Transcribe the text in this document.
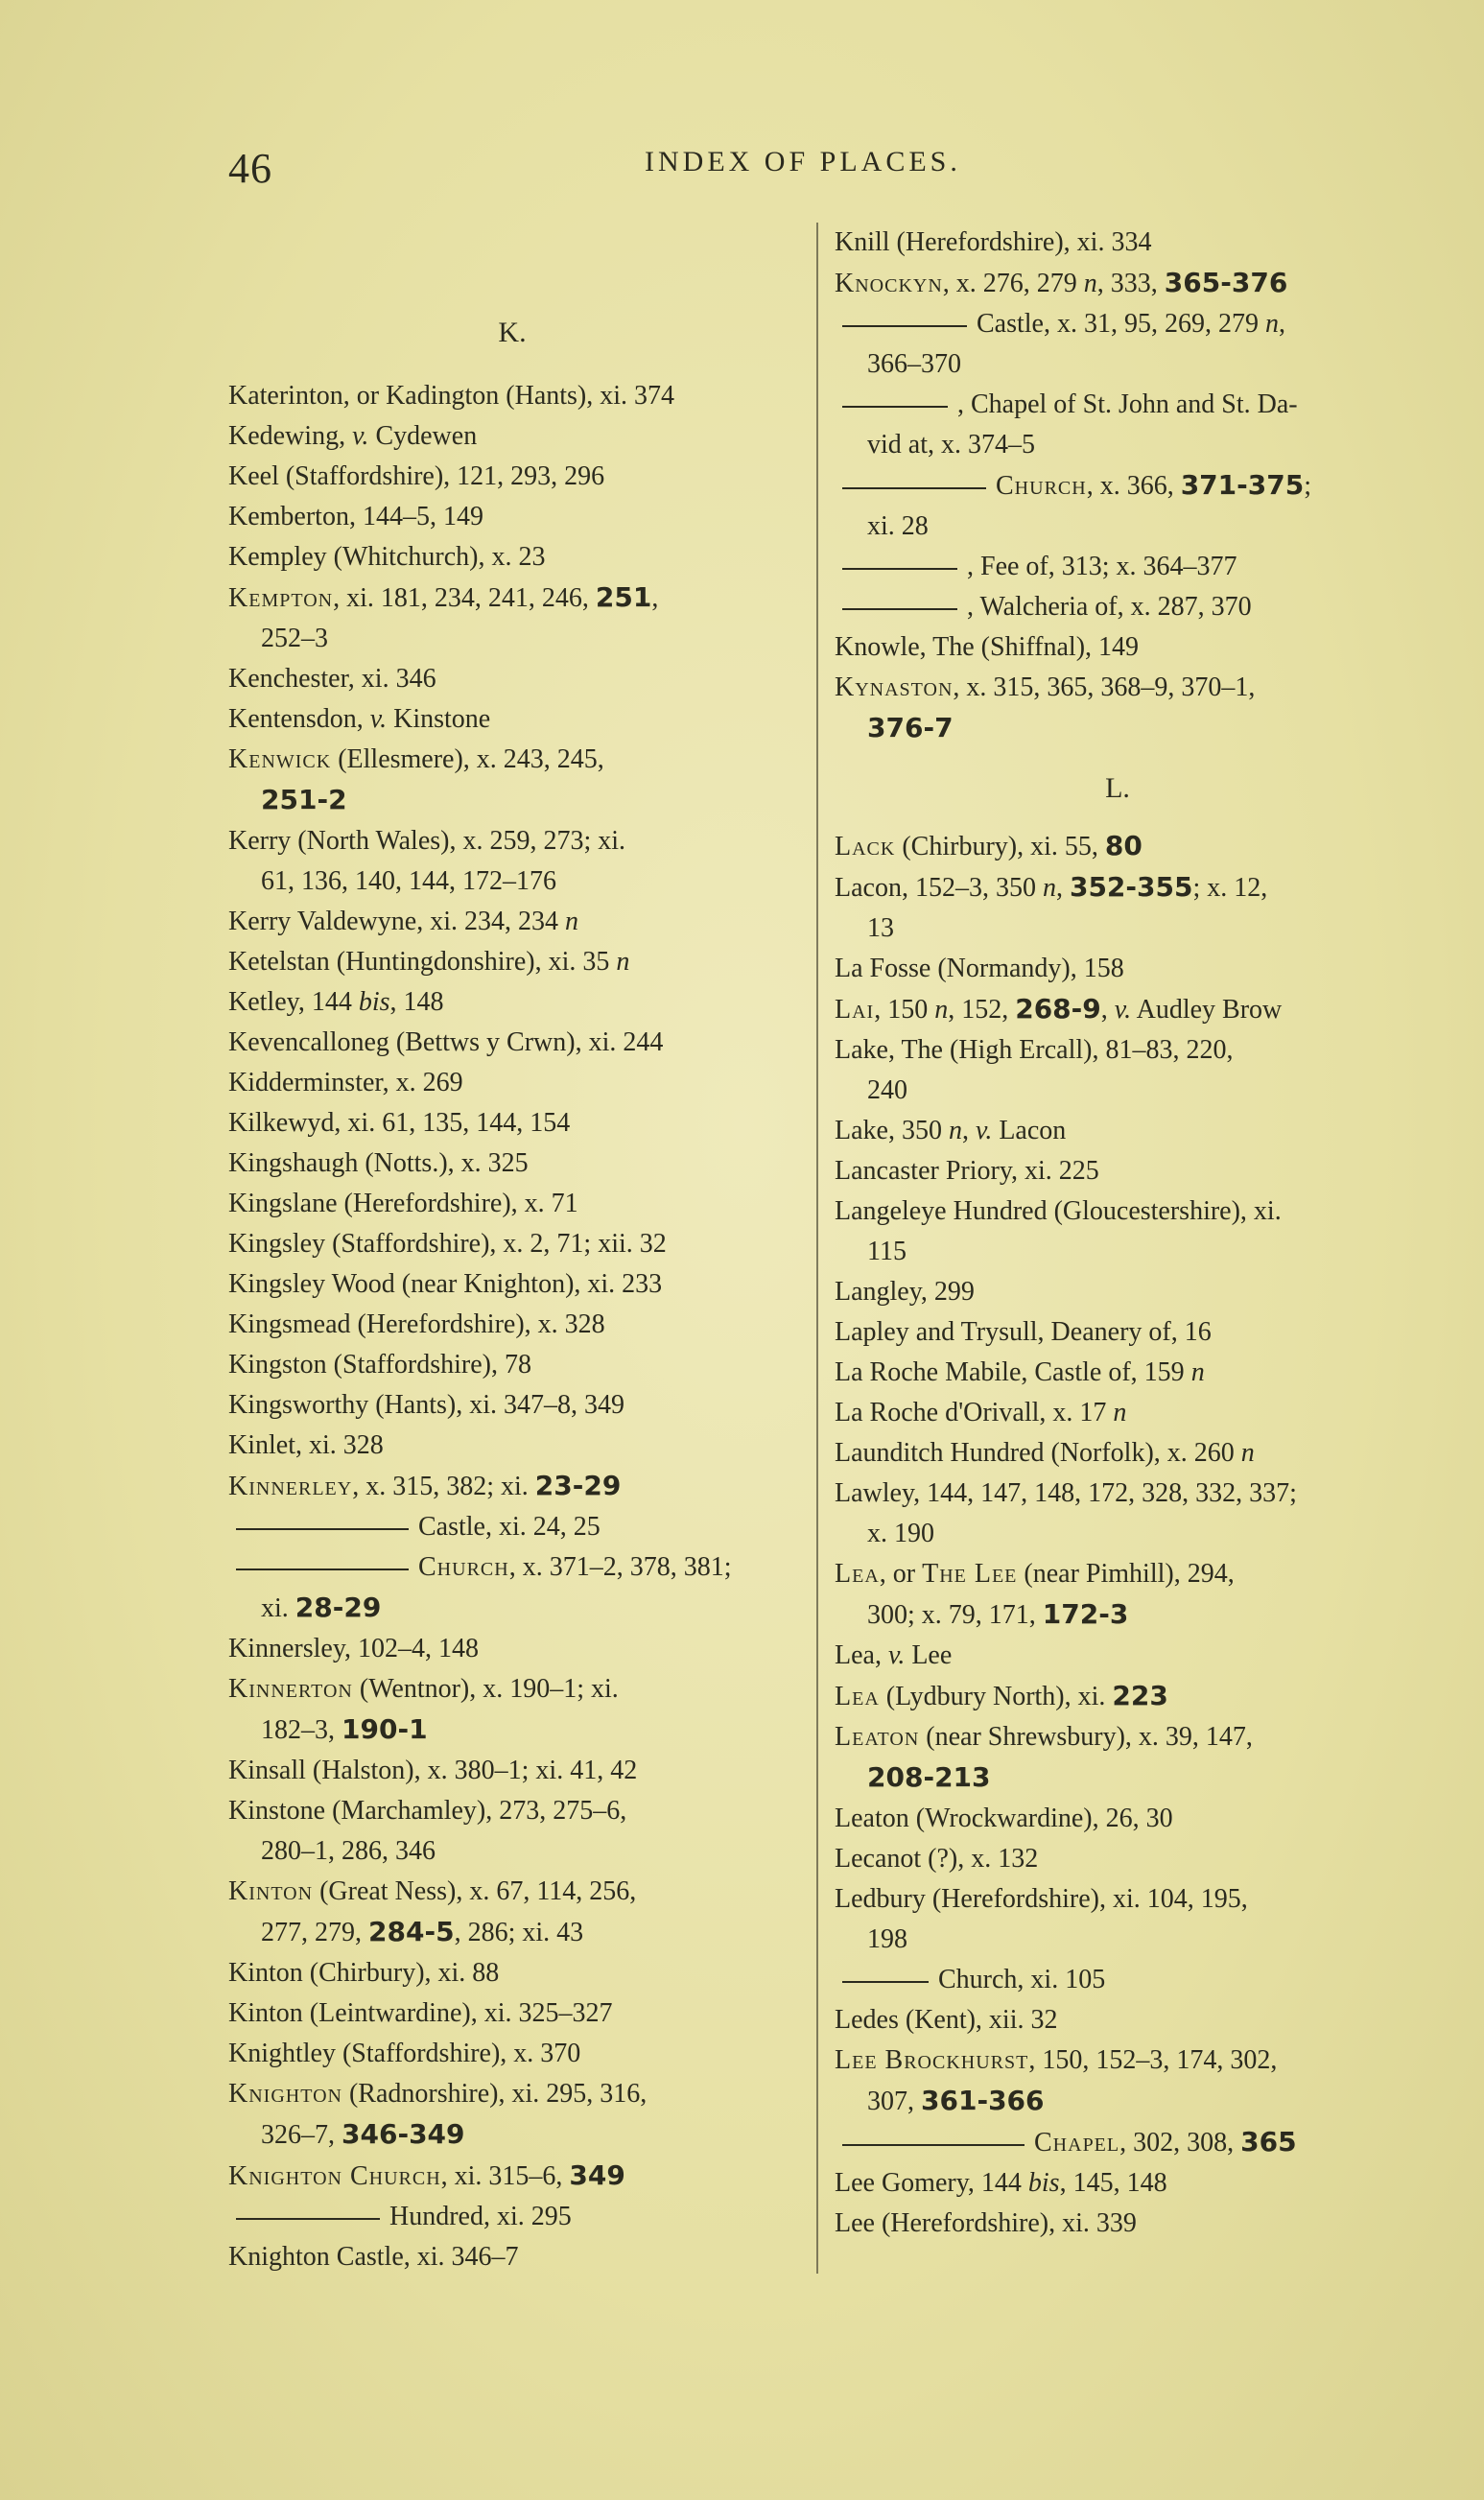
46	INDEX OF PLACES.
K.
Katerinton, or Kadington (Hants), xi. 374
Kedewing, v. Cydewen
Keel (Staffordshire), 121, 293, 296
Kemberton, 144–5, 149
Kempley (Whitchurch), x. 23
Kempton, xi. 181, 234, 241, 246, 251,
252–3
Kenchester, xi. 346
Kentensdon, v. Kinstone
Kenwick (Ellesmere), x. 243, 245,
251-2
Kerry (North Wales), x. 259, 273; xi.
61, 136, 140, 144, 172–176
Kerry Valdewyne, xi. 234, 234 n
Ketelstan (Huntingdonshire), xi. 35 n
Ketley, 144 bis, 148
Kevencalloneg (Bettws y Crwn), xi. 244
Kidderminster, x. 269
Kilkewyd, xi. 61, 135, 144, 154
Kingshaugh (Notts.), x. 325
Kingslane (Herefordshire), x. 71
Kingsley (Staffordshire), x. 2, 71; xii. 32
Kingsley Wood (near Knighton), xi. 233
Kingsmead (Herefordshire), x. 328
Kingston (Staffordshire), 78
Kingsworthy (Hants), xi. 347–8, 349
Kinlet, xi. 328
Kinnerley, x. 315, 382; xi. 23-29
Castle, xi. 24, 25
Church, x. 371–2, 378, 381;
xi. 28-29
Kinnersley, 102–4, 148
Kinnerton (Wentnor), x. 190–1; xi.
182–3, 190-1
Kinsall (Halston), x. 380–1; xi. 41, 42
Kinstone (Marchamley), 273, 275–6,
280–1, 286, 346
Kinton (Great Ness), x. 67, 114, 256,
277, 279, 284-5, 286; xi. 43
Kinton (Chirbury), xi. 88
Kinton (Leintwardine), xi. 325–327
Knightley (Staffordshire), x. 370
Knighton (Radnorshire), xi. 295, 316,
326–7, 346-349
Knighton Church, xi. 315–6, 349
Hundred, xi. 295
Knighton Castle, xi. 346–7
Knill (Herefordshire), xi. 334
Knockyn, x. 276, 279 n, 333, 365-376
Castle, x. 31, 95, 269, 279 n,
366–370
, Chapel of St. John and St. Da-
vid at, x. 374–5
Church, x. 366, 371-375;
xi. 28
, Fee of, 313; x. 364–377
, Walcheria of, x. 287, 370
Knowle, The (Shiffnal), 149
Kynaston, x. 315, 365, 368–9, 370–1,
376-7
L.
Lack (Chirbury), xi. 55, 80
Lacon, 152–3, 350 n, 352-355; x. 12,
13
La Fosse (Normandy), 158
Lai, 150 n, 152, 268-9, v. Audley Brow
Lake, The (High Ercall), 81–83, 220,
240
Lake, 350 n, v. Lacon
Lancaster Priory, xi. 225
Langeleye Hundred (Gloucestershire), xi.
115
Langley, 299
Lapley and Trysull, Deanery of, 16
La Roche Mabile, Castle of, 159 n
La Roche d'Orivall, x. 17 n
Launditch Hundred (Norfolk), x. 260 n
Lawley, 144, 147, 148, 172, 328, 332, 337;
x. 190
Lea, or The Lee (near Pimhill), 294,
300; x. 79, 171, 172-3
Lea, v. Lee
Lea (Lydbury North), xi. 223
Leaton (near Shrewsbury), x. 39, 147,
208-213
Leaton (Wrockwardine), 26, 30
Lecanot (?), x. 132
Ledbury (Herefordshire), xi. 104, 195,
198
Church, xi. 105
Ledes (Kent), xii. 32
Lee Brockhurst, 150, 152–3, 174, 302,
307, 361-366
Chapel, 302, 308, 365
Lee Gomery, 144 bis, 145, 148
Lee (Herefordshire), xi. 339
